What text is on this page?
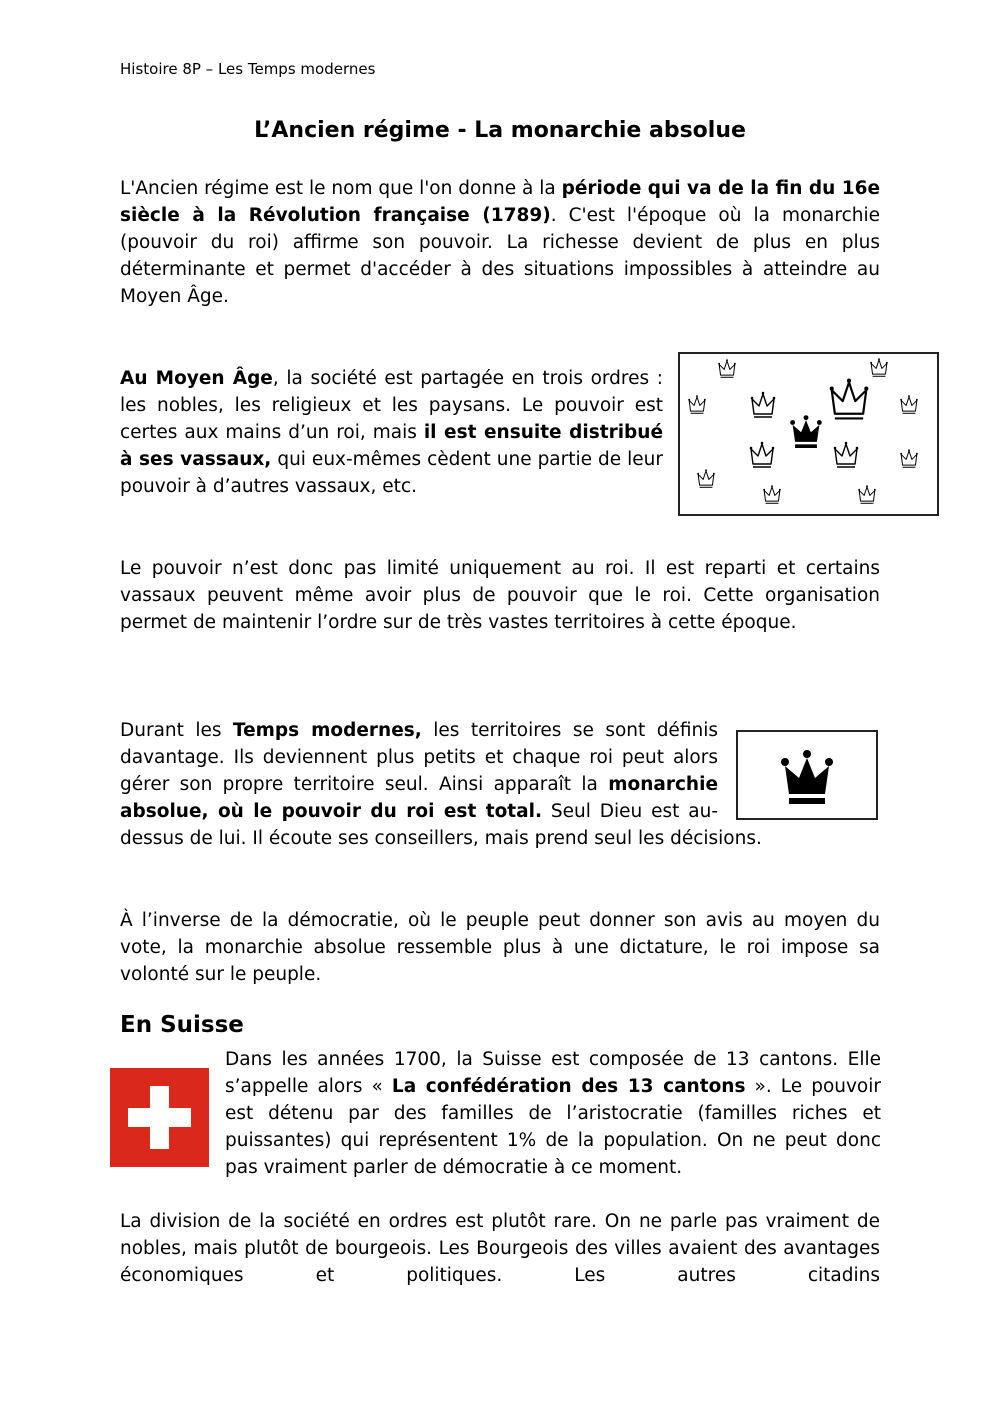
Histoire 8P – Les Temps modernes
L’Ancien régime - La monarchie absolue

L'Ancien régime est le nom que l'on donne à la période qui va de la fin du 16e siècle à la Révolution française (1789). C'est l'époque où la monarchie (pouvoir du roi) affirme son pouvoir. La richesse devient de plus en plus déterminante et permet d'accéder à des situations impossibles à atteindre au Moyen Âge.

Au Moyen Âge, la société est partagée en trois ordres : les nobles, les religieux et les paysans. Le pouvoir est certes aux mains d’un roi, mais il est ensuite distribué à ses vassaux, qui eux-mêmes cèdent une partie de leur pouvoir à d’autres vassaux, etc.

Le pouvoir n’est donc pas limité uniquement au roi. Il est reparti et certains vassaux peuvent même avoir plus de pouvoir que le roi. Cette organisation permet de maintenir l’ordre sur de très vastes territoires à cette époque.

Durant les Temps modernes, les territoires se sont définis davantage. Ils deviennent plus petits et chaque roi peut alors gérer son propre territoire seul. Ainsi apparaît la monarchie absolue, où le pouvoir du roi est total. Seul Dieu est au-dessus de lui. Il écoute ses conseillers, mais prend seul les décisions.

À l’inverse de la démocratie, où le peuple peut donner son avis au moyen du vote, la monarchie absolue ressemble plus à une dictature, le roi impose sa volonté sur le peuple.

En Suisse

Dans les années 1700, la Suisse est composée de 13 cantons. Elle s’appelle alors « La confédération des 13 cantons ». Le pouvoir est détenu par des familles de l’aristocratie (familles riches et puissantes) qui représentent 1% de la population. On ne peut donc pas vraiment parler de démocratie à ce moment.

La division de la société en ordres est plutôt rare. On ne parle pas vraiment de nobles, mais plutôt de bourgeois. Les Bourgeois des villes avaient des avantages économiques et politiques. Les autres citadins
